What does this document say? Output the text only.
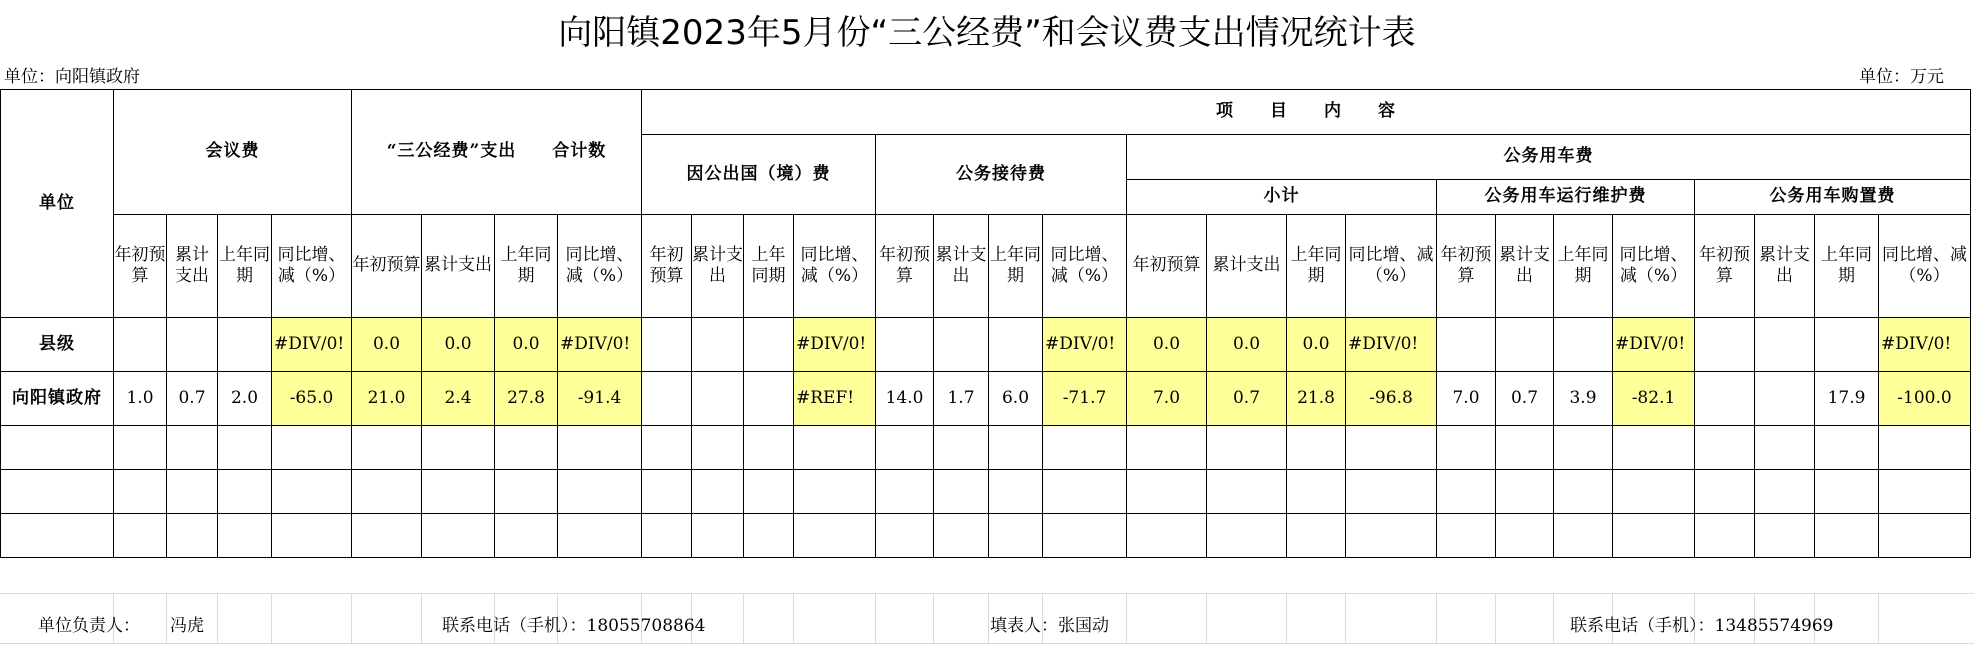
向阳镇2023年5月份“三公经费”和会议费支出情况统计表
单位：向阳镇政府	单位：万元
单位	会议费				“三公经费”支出　　合计数				项　　目　　内　　容																			
									因公出国（境）费				公务接待费				公务用车费											
																	小计				公务用车运行维护费				公务用车购置费			
	年初预算	累计支出	上年同期	同比增、减（%）	年初预算	累计支出	上年同期	同比增、减（%）	年初预算	累计支出	上年同期	同比增、减（%）	年初预算	累计支出	上年同期	同比增、减（%）	年初预算	累计支出	上年同期	同比增、减（%）	年初预算	累计支出	上年同期	同比增、减（%）	年初预算	累计支出	上年同期	同比增、减（%）
县级				#DIV/0!	0.0	0.0	0.0	#DIV/0!				#DIV/0!				#DIV/0!	0.0	0.0	0.0	#DIV/0!				#DIV/0!				#DIV/0!
向阳镇政府	1.0	0.7	2.0	-65.0	21.0	2.4	27.8	-91.4				#REF!	14.0	1.7	6.0	-71.7	7.0	0.7	21.8	-96.8	7.0	0.7	3.9	-82.1			17.9	-100.0

单位负责人： 冯虎	联系电话（手机）：18055708864	填表人：张国动	联系电话（手机）：13485574969
